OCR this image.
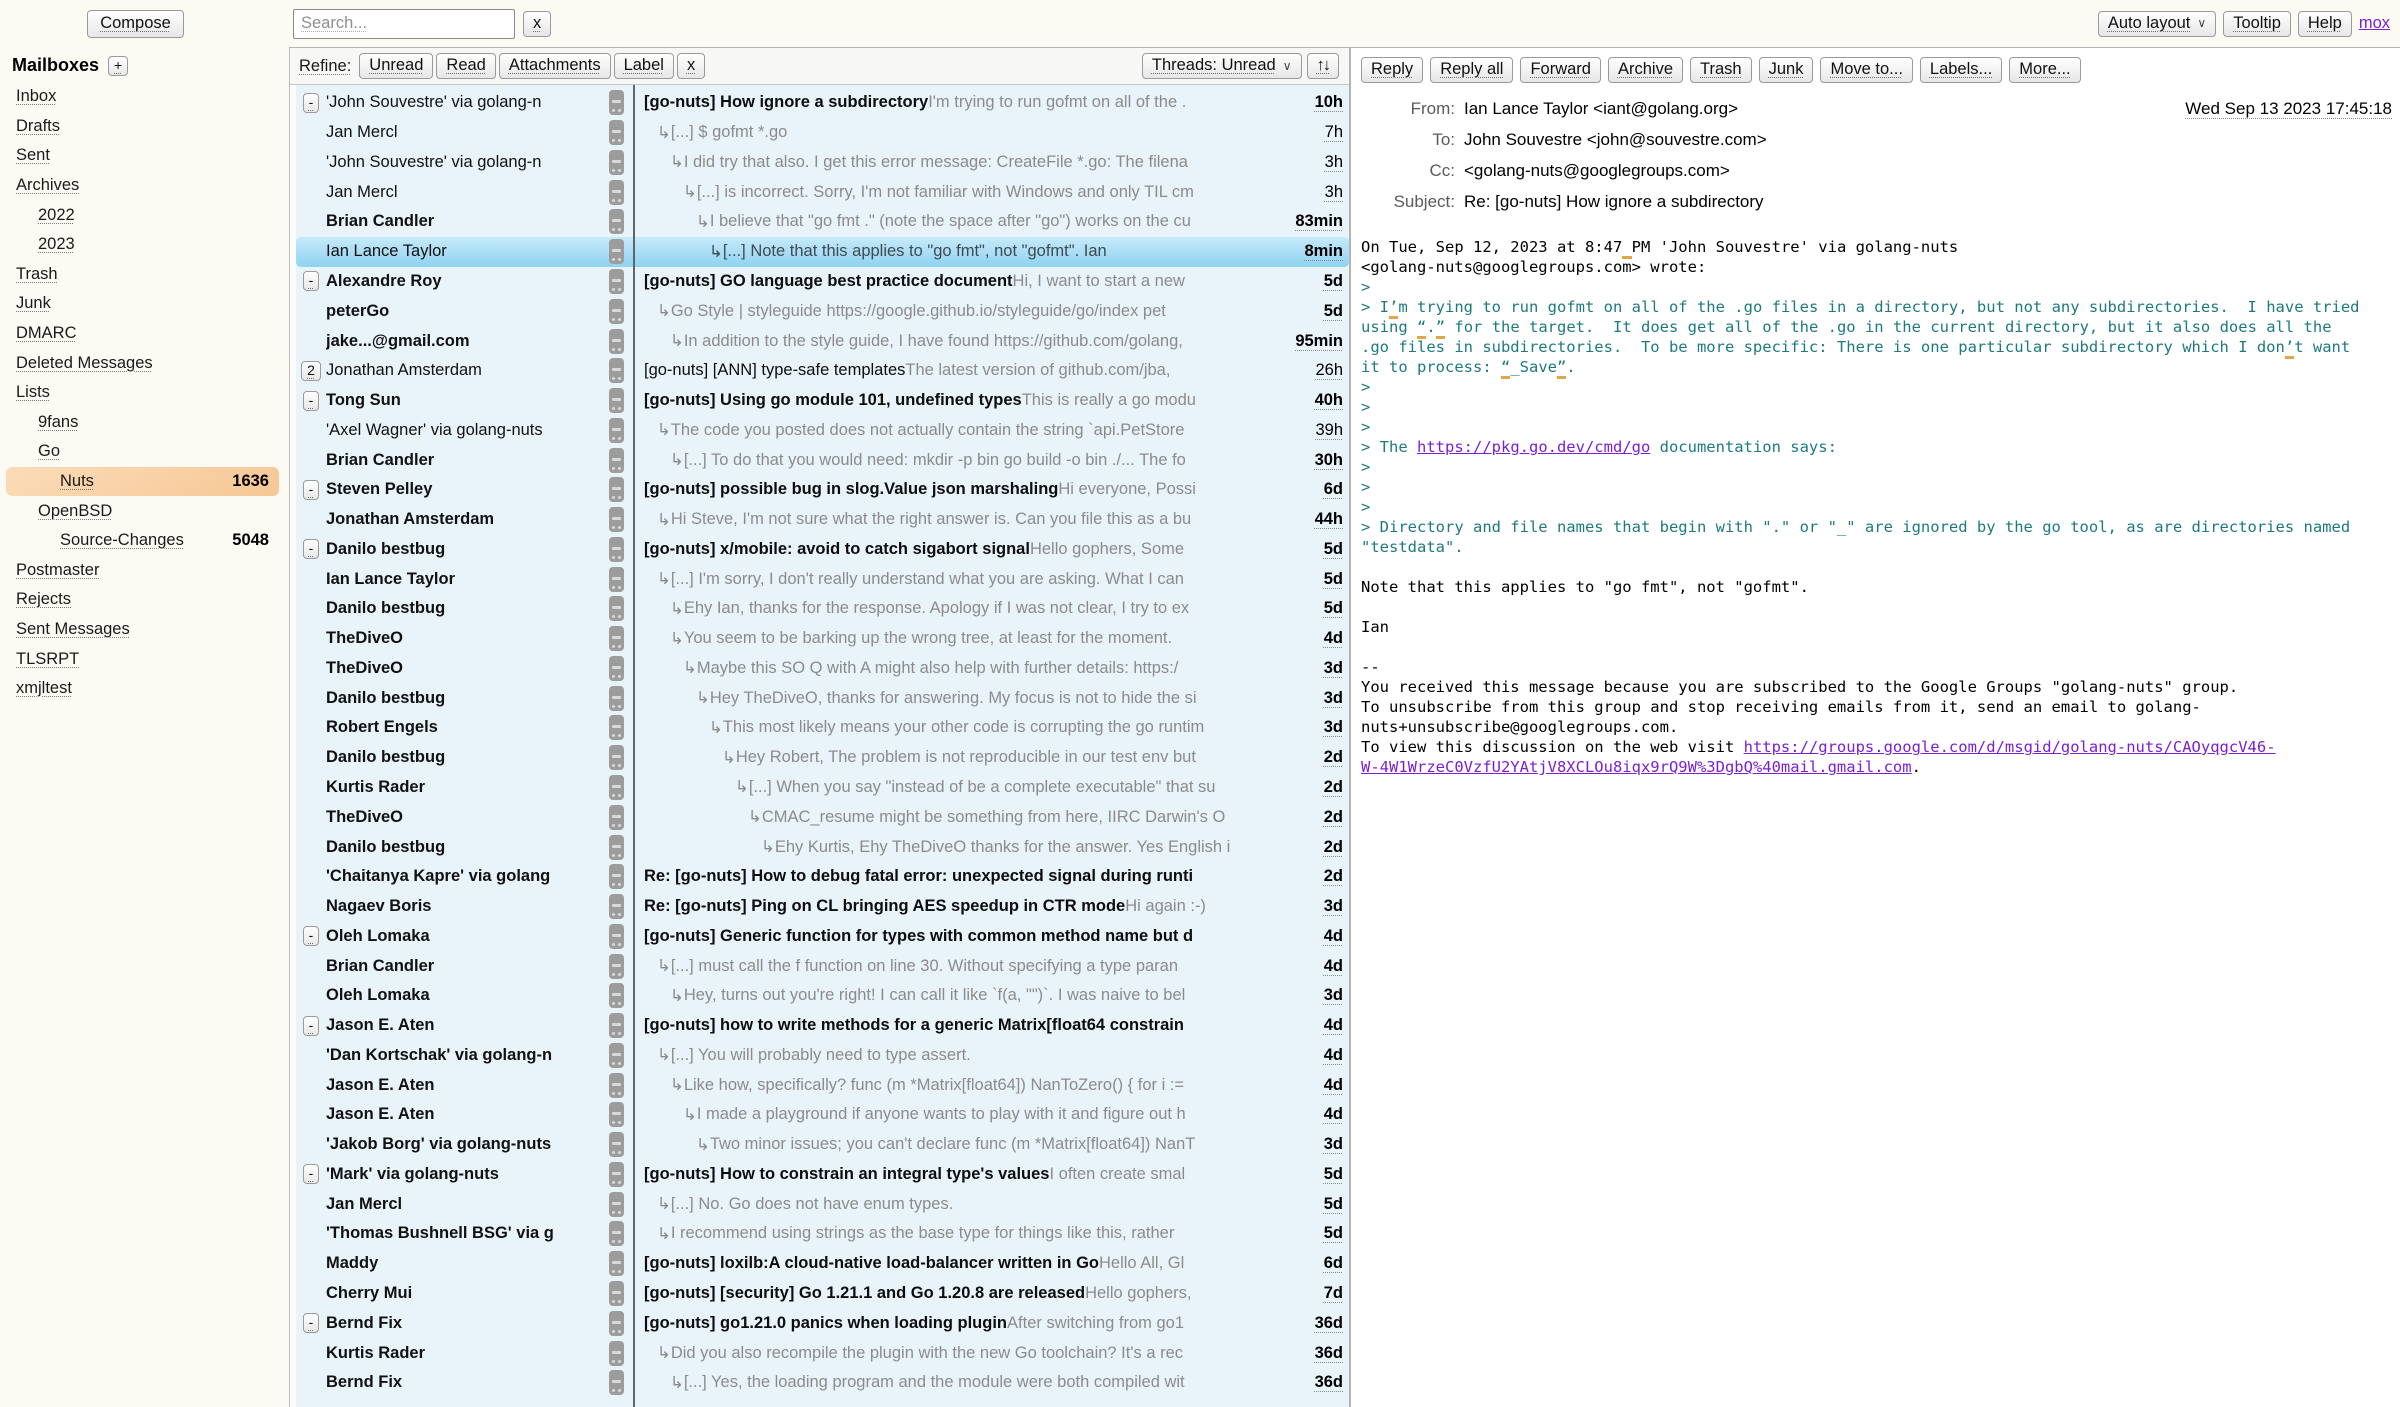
Compose
Mailboxes +
Inbox
Drafts
Sent
Archives
2022
2023
Trash
Junk
DMARC
Deleted Messages
Lists
9fans
Go
Nuts	1636
OpenBSD
Source-Changes	5048
Postmaster
Rejects
Sent Messages
TLSRPT
xmjltest
Search...
x	Auto layout ∨ Tooltip Help mox
Refine: Unread Read Attachments Label x	Threads: Unread ∨ ↑↓
- 'John Souvestre' via golang-n	[go-nuts] How ignore a subdirectory I'm trying to run gofmt on all of the .	10h
Jan Mercl	↳ [...] $ gofmt *.go	7h
'John Souvestre' via golang-n	↳ I did try that also. I get this error message: CreateFile *.go: The filena	3h
Jan Mercl	↳ [...] is incorrect. Sorry, I'm not familiar with Windows and only TIL cm	3h
Brian Candler	↳ I believe that "go fmt ." (note the space after "go") works on the cu	83min
Ian Lance Taylor	↳ [...] Note that this applies to "go fmt", not "gofmt". Ian	8min
- Alexandre Roy	[go-nuts] GO language best practice document Hi, I want to start a new	5d
peterGo	↳ Go Style | styleguide https://google.github.io/styleguide/go/index pet	5d
jake...@gmail.com	↳ In addition to the style guide, I have found https://github.com/golang,	95min
2 Jonathan Amsterdam	[go-nuts] [ANN] type-safe templates The latest version of github.com/jba,	26h
- Tong Sun	[go-nuts] Using go module 101, undefined types This is really a go modu	40h
'Axel Wagner' via golang-nuts	↳ The code you posted does not actually contain the string `api.PetStore	39h
Brian Candler	↳ [...] To do that you would need: mkdir -p bin go build -o bin ./... The fo	30h
- Steven Pelley	[go-nuts] possible bug in slog.Value json marshaling Hi everyone, Possi	6d
Jonathan Amsterdam	↳ Hi Steve, I'm not sure what the right answer is. Can you file this as a bu	44h
- Danilo bestbug	[go-nuts] x/mobile: avoid to catch sigabort signal Hello gophers, Some	5d
Ian Lance Taylor	↳ [...] I'm sorry, I don't really understand what you are asking. What I can	5d
Danilo bestbug	↳ Ehy Ian, thanks for the response. Apology if I was not clear, I try to ex	5d
TheDiveO	↳ You seem to be barking up the wrong tree, at least for the moment.	4d
TheDiveO	↳ Maybe this SO Q with A might also help with further details: https:/	3d
Danilo bestbug	↳ Hey TheDiveO, thanks for answering. My focus is not to hide the si	3d
Robert Engels	↳ This most likely means your other code is corrupting the go runtim	3d
Danilo bestbug	↳ Hey Robert, The problem is not reproducible in our test env but	2d
Kurtis Rader	↳ [...] When you say "instead of be a complete executable" that su	2d
TheDiveO	↳ CMAC_resume might be something from here, IIRC Darwin's O	2d
Danilo bestbug	↳ Ehy Kurtis, Ehy TheDiveO thanks for the answer. Yes English i	2d
'Chaitanya Kapre' via golang	Re: [go-nuts] How to debug fatal error: unexpected signal during runti	2d
Nagaev Boris	Re: [go-nuts] Ping on CL bringing AES speedup in CTR mode Hi again :-)	3d
- Oleh Lomaka	[go-nuts] Generic function for types with common method name but d	4d
Brian Candler	↳ [...] must call the f function on line 30. Without specifying a type paran	4d
Oleh Lomaka	↳ Hey, turns out you're right! I can call it like `f(a, "")`. I was naive to bel	3d
- Jason E. Aten	[go-nuts] how to write methods for a generic Matrix[float64 constrain	4d
'Dan Kortschak' via golang-n	↳ [...] You will probably need to type assert.	4d
Jason E. Aten	↳ Like how, specifically? func (m *Matrix[float64]) NanToZero() { for i :=	4d
Jason E. Aten	↳ I made a playground if anyone wants to play with it and figure out h	4d
'Jakob Borg' via golang-nuts	↳ Two minor issues; you can't declare func (m *Matrix[float64]) NanT	3d
- 'Mark' via golang-nuts	[go-nuts] How to constrain an integral type's values I often create smal	5d
Jan Mercl	↳ [...] No. Go does not have enum types.	5d
'Thomas Bushnell BSG' via g	↳ I recommend using strings as the base type for things like this, rather	5d
Maddy	[go-nuts] loxilb:A cloud-native load-balancer written in Go Hello All, Gl	6d
Cherry Mui	[go-nuts] [security] Go 1.21.1 and Go 1.20.8 are released Hello gophers,	7d
- Bernd Fix	[go-nuts] go1.21.0 panics when loading plugin After switching from go1	36d
Kurtis Rader	↳ Did you also recompile the plugin with the new Go toolchain? It's a rec	36d
Bernd Fix	↳ [...] Yes, the loading program and the module were both compiled wit	36d
Reply Reply all Forward Archive Trash Junk Move to... Labels... More...
Wed Sep 13 2023 17:45:18
From: Ian Lance Taylor <iant@golang.org>
To: John Souvestre <john@souvestre.com>
Cc: <golang-nuts@googlegroups.com>
Subject: Re: [go-nuts] How ignore a subdirectory
On Tue, Sep 12, 2023 at 8:47 PM 'John Souvestre' via golang-nuts
<golang-nuts@googlegroups.com> wrote:
>
> I’m trying to run gofmt on all of the .go files in a directory, but not any subdirectories.  I have tried
using “.” for the target.  It does get all of the .go in the current directory, but it also does all the
.go files in subdirectories.  To be more specific: There is one particular subdirectory which I don’t want
it to process: “_Save”.
>
>
>
> The https://pkg.go.dev/cmd/go documentation says:
>
>
>
> Directory and file names that begin with "." or "_" are ignored by the go tool, as are directories named
"testdata".
Note that this applies to "go fmt", not "gofmt".
Ian
--
You received this message because you are subscribed to the Google Groups "golang-nuts" group.
To unsubscribe from this group and stop receiving emails from it, send an email to golang-
nuts+unsubscribe@googlegroups.com.
To view this discussion on the web visit https://groups.google.com/d/msgid/golang-nuts/CAOyqgcV46-
W-4W1WrzeC0VzfU2YAtjV8XCLOu8iqx9rQ9W%3DgbQ%40mail.gmail.com.
